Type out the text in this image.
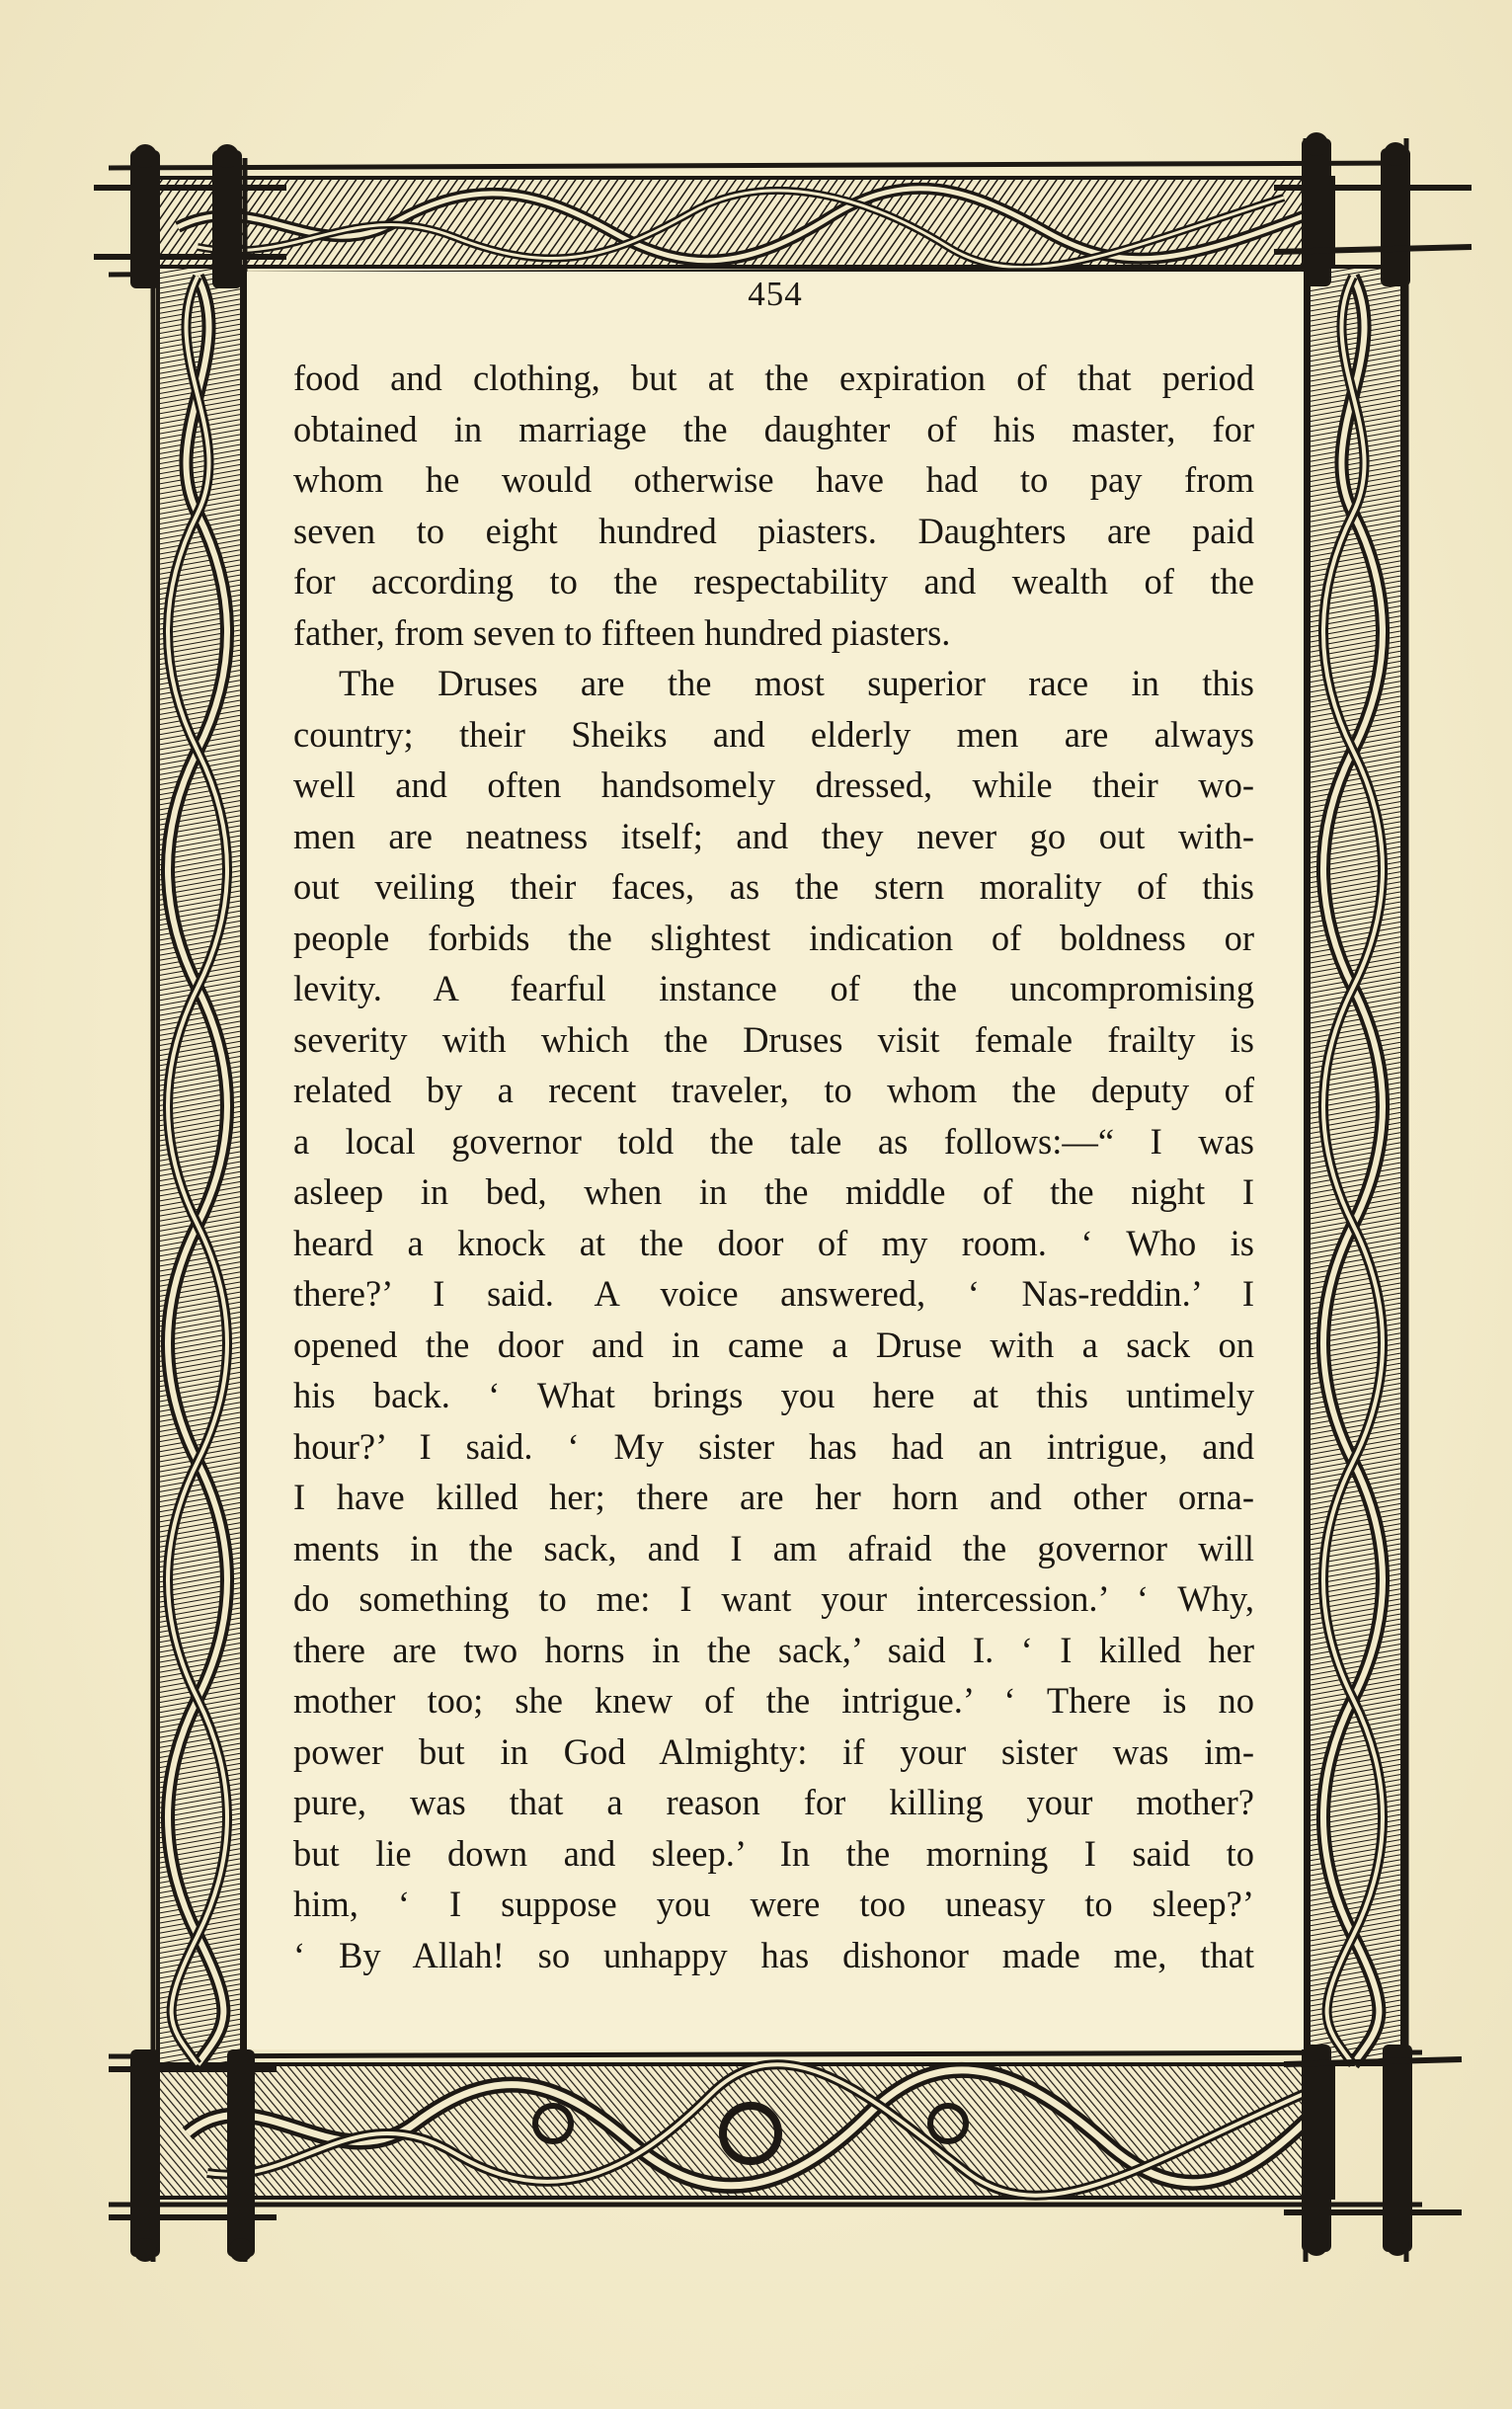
454
food and clothing, but at the expiration of that period
obtained in marriage the daughter of his master, for
whom he would otherwise have had to pay from
seven to eight hundred piasters. Daughters are paid
for according to the respectability and wealth of the
father, from seven to fifteen hundred piasters.
The Druses are the most superior race in this
country; their Sheiks and elderly men are always
well and often handsomely dressed, while their wo-
men are neatness itself; and they never go out with-
out veiling their faces, as the stern morality of this
people forbids the slightest indication of boldness or
levity. A fearful instance of the uncompromising
severity with which the Druses visit female frailty is
related by a recent traveler, to whom the deputy of
a local governor told the tale as follows:—“ I was
asleep in bed, when in the middle of the night I
heard a knock at the door of my room. ‘ Who is
there?’ I said. A voice answered, ‘ Nas-reddin.’ I
opened the door and in came a Druse with a sack on
his back. ‘ What brings you here at this untimely
hour?’ I said. ‘ My sister has had an intrigue, and
I have killed her; there are her horn and other orna-
ments in the sack, and I am afraid the governor will
do something to me: I want your intercession.’ ‘ Why,
there are two horns in the sack,’ said I. ‘ I killed her
mother too; she knew of the intrigue.’ ‘ There is no
power but in God Almighty: if your sister was im-
pure, was that a reason for killing your mother?
but lie down and sleep.’ In the morning I said to
him, ‘ I suppose you were too uneasy to sleep?’
‘ By Allah! so unhappy has dishonor made me, that
